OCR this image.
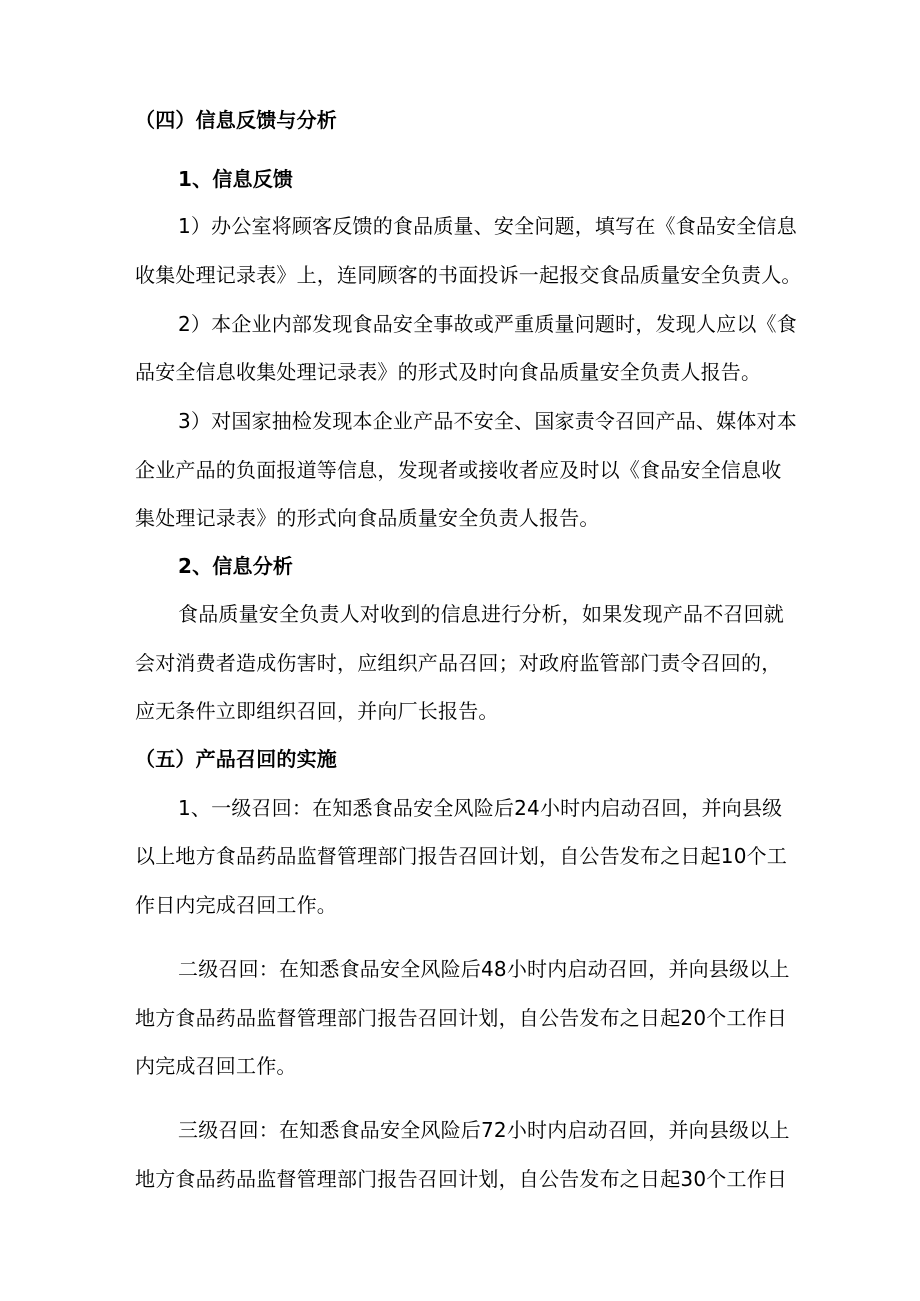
（四）信息反馈与分析
1、信息反馈
1）办公室将顾客反馈的食品质量、安全问题，填写在《食品安全信息
收集处理记录表》上，连同顾客的书面投诉一起报交食品质量安全负责人。
2）本企业内部发现食品安全事故或严重质量问题时，发现人应以《食
品安全信息收集处理记录表》的形式及时向食品质量安全负责人报告。
3）对国家抽检发现本企业产品不安全、国家责令召回产品、媒体对本
企业产品的负面报道等信息，发现者或接收者应及时以《食品安全信息收
集处理记录表》的形式向食品质量安全负责人报告。
2、信息分析
食品质量安全负责人对收到的信息进行分析，如果发现产品不召回就
会对消费者造成伤害时，应组织产品召回；对政府监管部门责令召回的，
应无条件立即组织召回，并向厂长报告。
（五）产品召回的实施
1、一级召回：在知悉食品安全风险后24小时内启动召回，并向县级
以上地方食品药品监督管理部门报告召回计划，自公告发布之日起10个工
作日内完成召回工作。
二级召回：在知悉食品安全风险后48小时内启动召回，并向县级以上
地方食品药品监督管理部门报告召回计划，自公告发布之日起20个工作日
内完成召回工作。
三级召回：在知悉食品安全风险后72小时内启动召回，并向县级以上
地方食品药品监督管理部门报告召回计划，自公告发布之日起30个工作日
